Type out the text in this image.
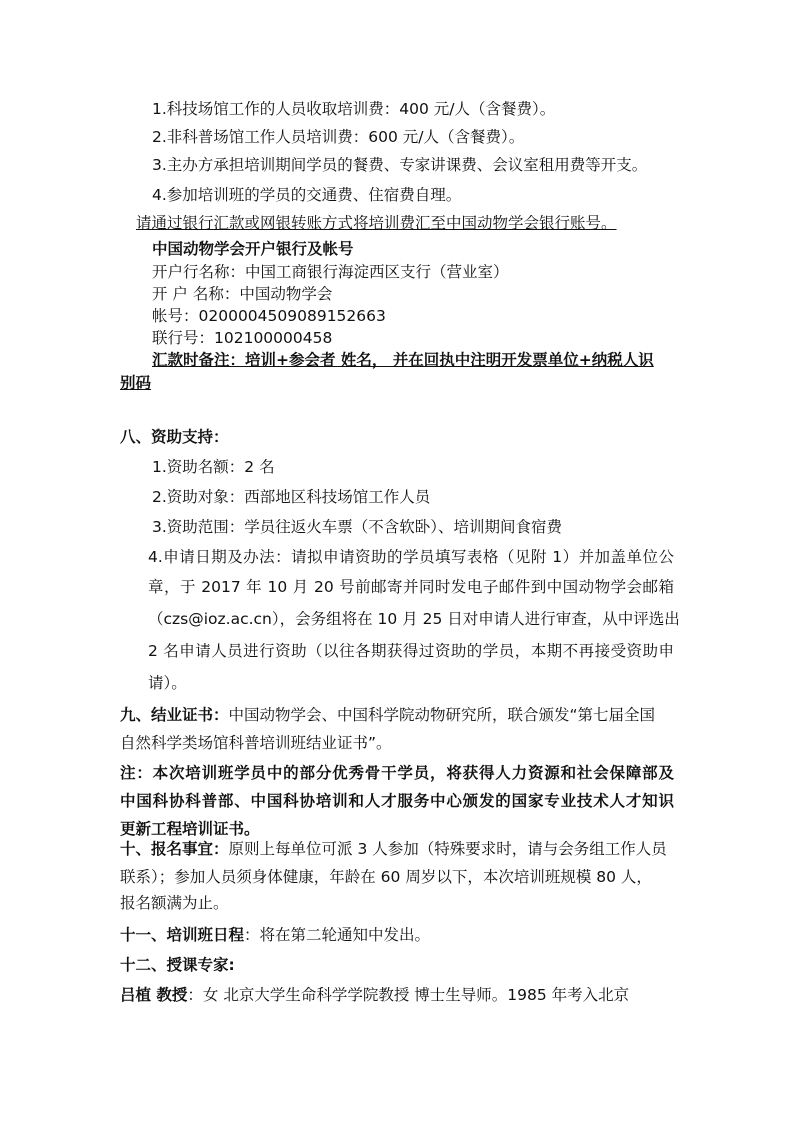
1.科技场馆工作的人员收取培训费：400 元/人（含餐费）。
2.非科普场馆工作人员培训费：600 元/人（含餐费）。
3.主办方承担培训期间学员的餐费、专家讲课费、会议室租用费等开支。
4.参加培训班的学员的交通费、住宿费自理。
请通过银行汇款或网银转账方式将培训费汇至中国动物学会银行账号。
中国动物学会开户银行及帐号
开户行名称：中国工商银行海淀西区支行（营业室）
开 户 名称：中国动物学会
帐号：0200004509089152663
联行号：102100000458
汇款时备注：培训+参会者 姓名， 并在回执中注明开发票单位+纳税人识
别码
八、资助支持：
1.资助名额：2 名
2.资助对象：西部地区科技场馆工作人员
3.资助范围：学员往返火车票（不含软卧）、培训期间食宿费
4.申请日期及办法：请拟申请资助的学员填写表格（见附 1）并加盖单位公
章，于 2017 年 10 月 20 号前邮寄并同时发电子邮件到中国动物学会邮箱
（czs@ioz.ac.cn），会务组将在 10 月 25 日对申请人进行审查，从中评选出
2 名申请人员进行资助（以往各期获得过资助的学员，本期不再接受资助申
请）。
九、结业证书：中国动物学会、中国科学院动物研究所，联合颁发“第七届全国
自然科学类场馆科普培训班结业证书”。
注：本次培训班学员中的部分优秀骨干学员，将获得人力资源和社会保障部及
中国科协科普部、中国科协培训和人才服务中心颁发的国家专业技术人才知识
更新工程培训证书。
十、报名事宜：原则上每单位可派 3 人参加（特殊要求时，请与会务组工作人员
联系）；参加人员须身体健康，年龄在 60 周岁以下，本次培训班规模 80 人，
报名额满为止。
十一、培训班日程：将在第二轮通知中发出。
十二、授课专家:
吕植 教授：女 北京大学生命科学学院教授 博士生导师。1985 年考入北京
